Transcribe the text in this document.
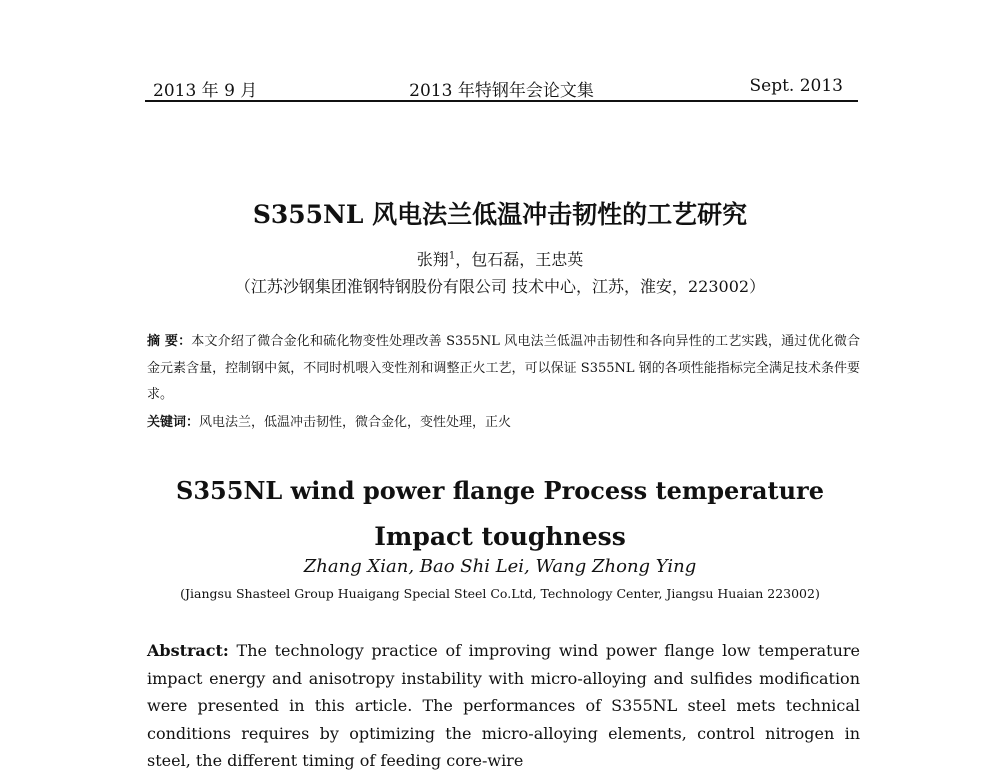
2013 年 9 月	2013 年特钢年会论文集	Sept. 2013
S355NL 风电法兰低温冲击韧性的工艺研究
张翔$^1$，包石磊，王忠英
（江苏沙钢集团淮钢特钢股份有限公司 技术中心，江苏，淮安，223002）
摘 要：本文介绍了微合金化和硫化物变性处理改善 S355NL 风电法兰低温冲击韧性和各向异性的工艺实践，通过优化微合金元素含量，控制钢中氮，不同时机喂入变性剂和调整正火工艺，可以保证 S355NL 钢的各项性能指标完全满足技术条件要求。
关键词：风电法兰，低温冲击韧性，微合金化，变性处理，正火
S355NL wind power flange Process temperature
Impact toughness
Zhang Xian, Bao Shi Lei, Wang Zhong Ying
(Jiangsu Shasteel Group Huaigang Special Steel Co.Ltd, Technology Center, Jiangsu Huaian 223002)
Abstract: The technology practice of improving wind power flange low temperature impact energy and anisotropy instability with micro-alloying and sulfides modification were presented in this article. The performances of S355NL steel mets technical conditions requires by optimizing the micro-alloying elements, control nitrogen in steel, the different timing of feeding core-wire
